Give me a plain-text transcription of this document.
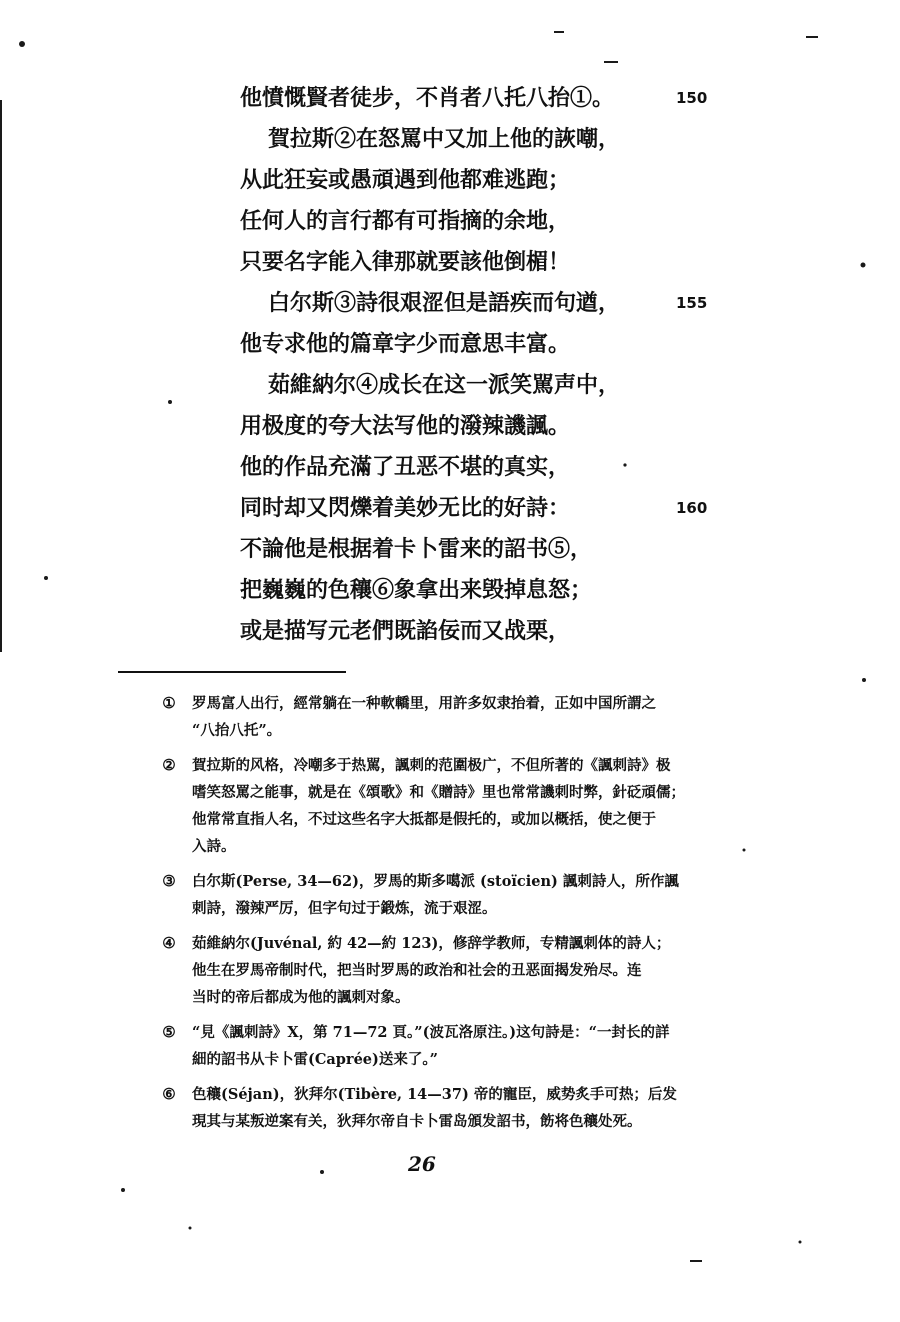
他憤慨賢者徒步，不肖者八托八抬①。	150
賀拉斯②在怒罵中又加上他的詼嘲，
从此狂妄或愚頑遇到他都难逃跑；
任何人的言行都有可指摘的余地，
只要名字能入律那就要該他倒楣！
白尔斯③詩很艰涩但是語疾而句遒，	155
他专求他的篇章字少而意思丰富。
茹維納尔④成长在这一派笑駡声中，
用极度的夸大法写他的潑辣譏諷。
他的作品充滿了丑恶不堪的真实，
同时却又閃爍着美妙无比的好詩：	160
不論他是根据着卡卜雷来的詔书⑤，
把巍巍的色穰⑥象拿出来毁掉息怒；
或是描写元老們既諂佞而又战栗，
① 罗馬富人出行，經常躺在一种軟轎里，用許多奴隶抬着，正如中国所謂之
“八抬八托”。
② 賀拉斯的风格，冷嘲多于热駡，諷刺的范圍极广，不但所著的《諷刺詩》极
嗜笑怒罵之能事，就是在《頌歌》和《贈詩》里也常常譏刺时弊，針砭頑儒；
他常常直指人名，不过这些名字大抵都是假托的，或加以概括，使之便于
入詩。
③ 白尔斯(Perse, 34—62)，罗馬的斯多噶派 (stoïcien) 諷刺詩人，所作諷
刺詩，潑辣严厉，但字句过于鍛炼，流于艰涩。
④ 茹維納尔(Juvénal, 約 42—約 123)，修辞学教师，专精諷刺体的詩人；
他生在罗馬帝制时代，把当时罗馬的政治和社会的丑恶面揭发殆尽。连
当时的帝后都成为他的諷刺对象。
⑤ “見《諷刺詩》Ⅹ，第 71—72 頁。”(波瓦洛原注。)这句詩是：“一封长的詳
細的詔书从卡卜雷(Caprée)送来了。”
⑥ 色穰(Séjan)，狄拜尔(Tibère, 14—37) 帝的寵臣，威势炙手可热；后发
現其与某叛逆案有关，狄拜尔帝自卡卜雷岛頒发詔书，飭将色穰处死。
26
